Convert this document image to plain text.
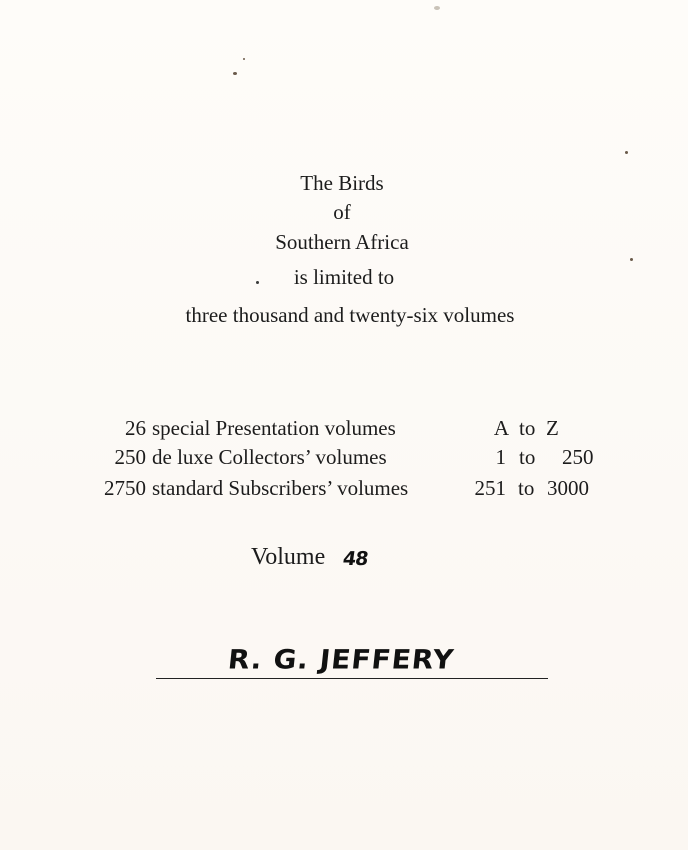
The Birds
of
Southern Africa
is limited to
three thousand and twenty-six volumes
26 special Presentation volumes	A to Z
250 de luxe Collectors’ volumes	1 to 250
2750 standard Subscribers’ volumes	251 to 3000
Volume 48
R. G. JEFFERY
